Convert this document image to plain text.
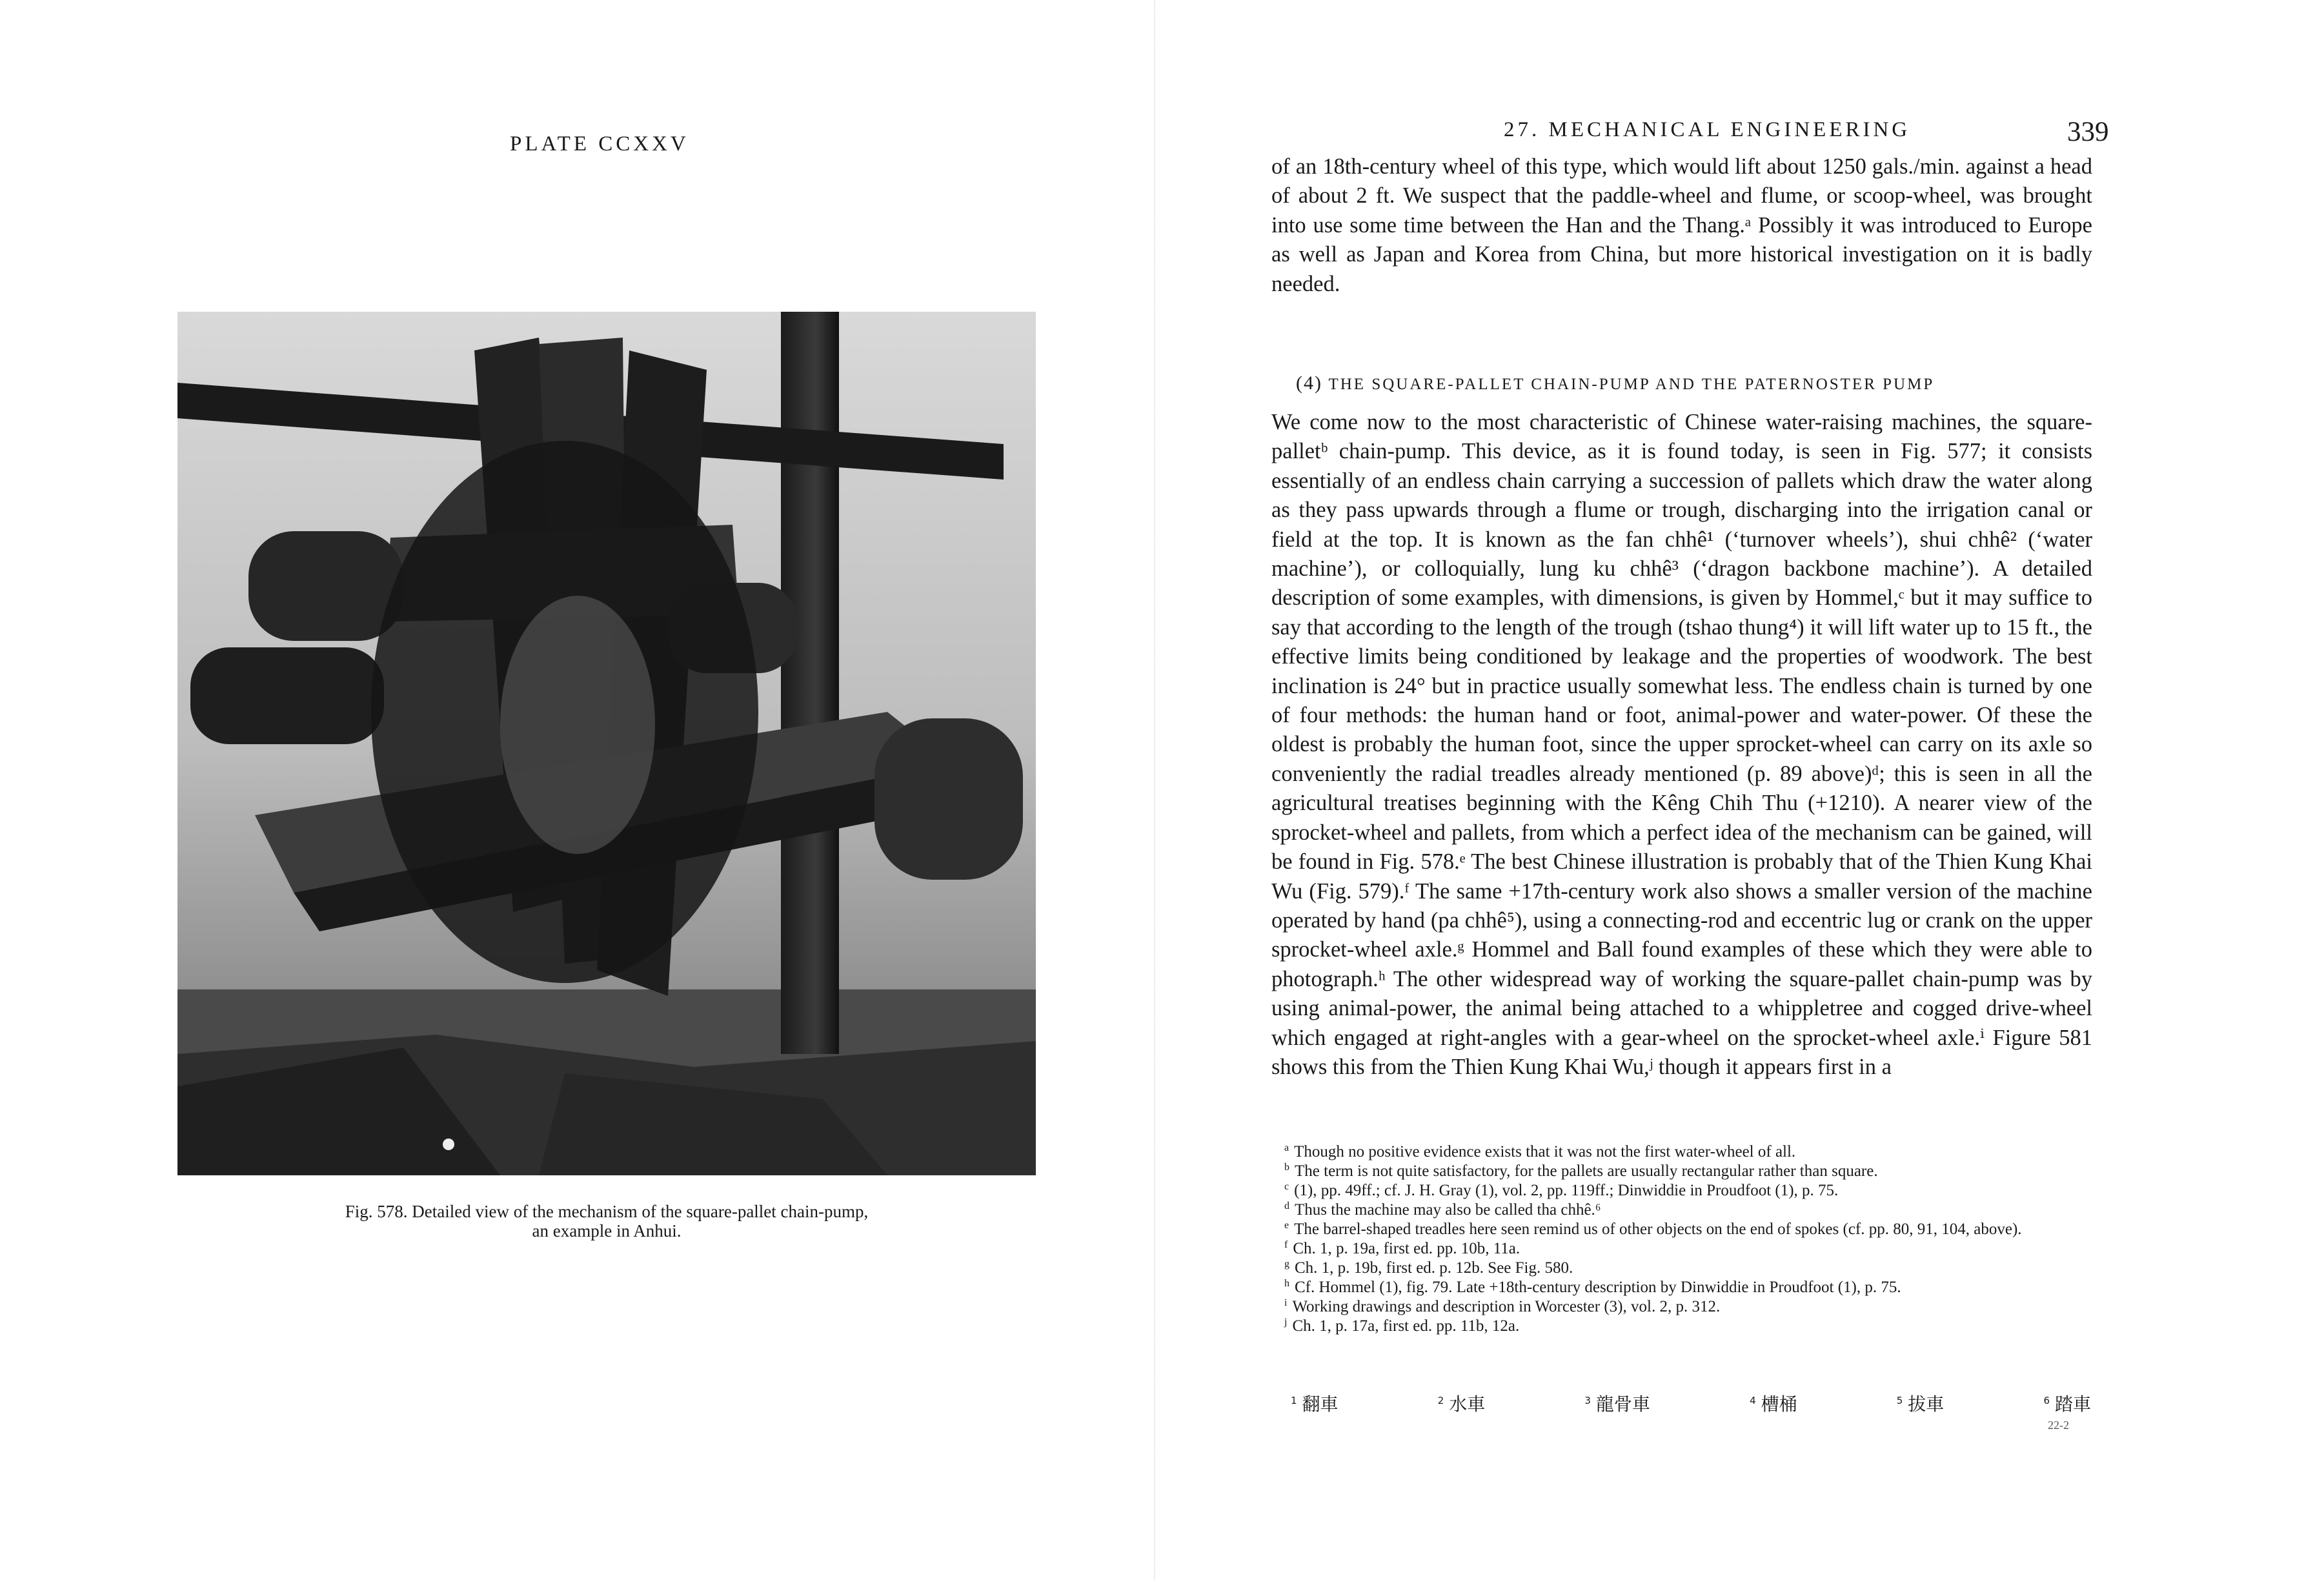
PLATE CCXXV
Fig. 578. Detailed view of the mechanism of the square-pallet chain-pump,
an example in Anhui.
27. MECHANICAL ENGINEERING	339

of an 18th-century wheel of this type, which would lift about 1250 gals./min. against a head of about 2 ft. We suspect that the paddle-wheel and flume, or scoop-wheel, was brought into use some time between the Han and the Thang.ᵃ Possibly it was introduced to Europe as well as Japan and Korea from China, but more historical investigation on it is badly needed.

(4) THE SQUARE-PALLET CHAIN-PUMP AND THE PATERNOSTER PUMP

We come now to the most characteristic of Chinese water-raising machines, the square-palletᵇ chain-pump. This device, as it is found today, is seen in Fig. 577; it consists essentially of an endless chain carrying a succession of pallets which draw the water along as they pass upwards through a flume or trough, discharging into the irrigation canal or field at the top. It is known as the fan chhê¹ (‘turnover wheels’), shui chhê² (‘water machine’), or colloquially, lung ku chhê³ (‘dragon backbone machine’). A detailed description of some examples, with dimensions, is given by Hommel,ᶜ but it may suffice to say that according to the length of the trough (tshao thung⁴) it will lift water up to 15 ft., the effective limits being conditioned by leakage and the properties of woodwork. The best inclination is 24° but in practice usually somewhat less. The endless chain is turned by one of four methods: the human hand or foot, animal-power and water-power. Of these the oldest is probably the human foot, since the upper sprocket-wheel can carry on its axle so conveniently the radial treadles already mentioned (p. 89 above)ᵈ; this is seen in all the agricultural treatises beginning with the Kêng Chih Thu (+1210). A nearer view of the sprocket-wheel and pallets, from which a perfect idea of the mechanism can be gained, will be found in Fig. 578.ᵉ The best Chinese illustration is probably that of the Thien Kung Khai Wu (Fig. 579).ᶠ The same +17th-century work also shows a smaller version of the machine operated by hand (pa chhê⁵), using a connecting-rod and eccentric lug or crank on the upper sprocket-wheel axle.ᵍ Hommel and Ball found examples of these which they were able to photograph.ʰ The other widespread way of working the square-pallet chain-pump was by using animal-power, the animal being attached to a whippletree and cogged drive-wheel which engaged at right-angles with a gear-wheel on the sprocket-wheel axle.ⁱ Figure 581 shows this from the Thien Kung Khai Wu,ʲ though it appears first in a

$^a$ Though no positive evidence exists that it was not the first water-wheel of all.

$^b$ The term is not quite satisfactory, for the pallets are usually rectangular rather than square.

$^c$ (1), pp. 49ff.; cf. J. H. Gray (1), vol. 2, pp. 119ff.; Dinwiddie in Proudfoot (1), p. 75.

$^d$ Thus the machine may also be called tha chhê.⁶

$^e$ The barrel-shaped treadles here seen remind us of other objects on the end of spokes (cf. pp. 80, 91, 104, above).

$^f$ Ch. 1, p. 19a, first ed. pp. 10b, 11a.

$^g$ Ch. 1, p. 19b, first ed. p. 12b. See Fig. 580.

$^h$ Cf. Hommel (1), fig. 79. Late +18th-century description by Dinwiddie in Proudfoot (1), p. 75.

$^i$ Working drawings and description in Worcester (3), vol. 2, p. 312.

$^j$ Ch. 1, p. 17a, first ed. pp. 11b, 12a.

$^1$ 翻車	$^2$ 水車	$^3$ 龍骨車	$^4$ 槽桶	$^5$ 拔車	$^6$ 踏車
22-2
